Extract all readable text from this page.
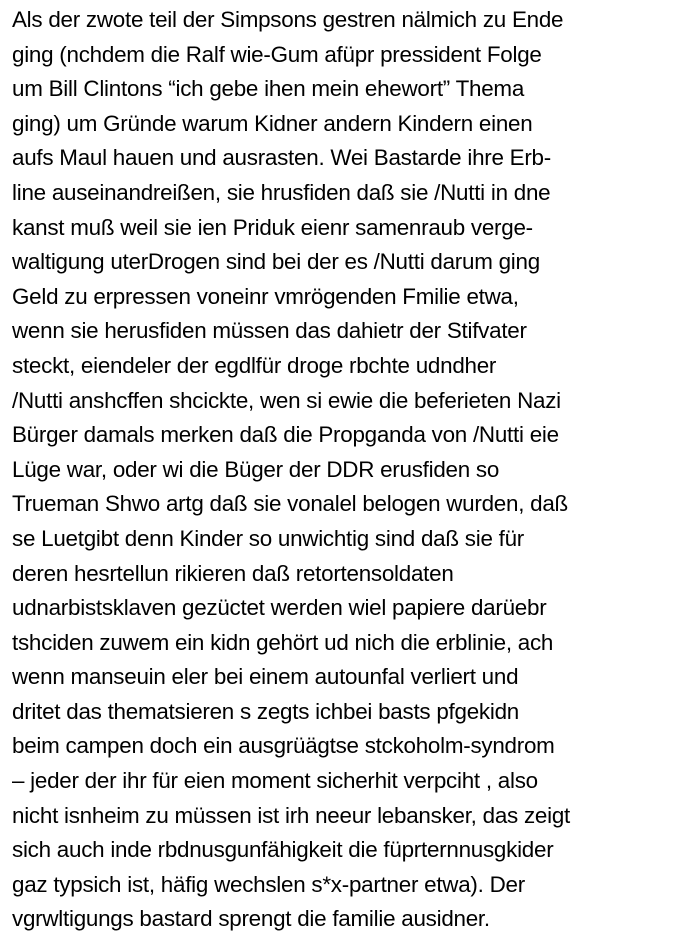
Als der zwote teil der Simpsons gestren nälmich zu Ende
ging (nchdem die Ralf wie-Gum afüpr pressident Folge
um Bill Clintons “ich gebe ihen mein ehewort” Thema
ging) um Gründe warum Kidner andern Kindern einen
aufs Maul hauen und ausrasten. Wei Bastarde ihre Erb-
line auseinandreißen, sie hrusfiden daß sie /Nutti in dne
kanst muß weil sie ien Priduk eienr samenraub verge-
waltigung uterDrogen sind bei der es /Nutti darum ging
Geld zu erpressen voneinr vmrögenden Fmilie etwa,
wenn sie herusfiden müssen das dahietr der Stifvater
steckt, eiendeler der egdlfür droge rbchte udndher
/Nutti anshcffen shcickte, wen si ewie die beferieten Nazi
Bürger damals merken daß die Propganda von /Nutti eie
Lüge war, oder wi die Büger der DDR erusfiden so
Trueman Shwo artg daß sie vonalel belogen wurden, daß
se Luetgibt denn Kinder so unwichtig sind daß sie für
deren hesrtellun rikieren daß retortensoldaten
udnarbistsklaven gezüctet werden wiel papiere darüebr
tshciden zuwem ein kidn gehört ud nich die erblinie, ach
wenn manseuin eler bei einem autounfal verliert und
dritet das thematsieren s zegts ichbei basts pfgekidn
beim campen doch ein ausgrüägtse stckoholm-syndrom
– jeder der ihr für eien moment sicherhit verpciht , also
nicht isnheim zu müssen ist irh neeur lebansker, das zeigt
sich auch inde rbdnusgunfähigkeit die füprternnusgkider
gaz typsich ist, häfig wechslen s*x-partner etwa). Der
vgrwltigungs bastard sprengt die familie ausidner.
